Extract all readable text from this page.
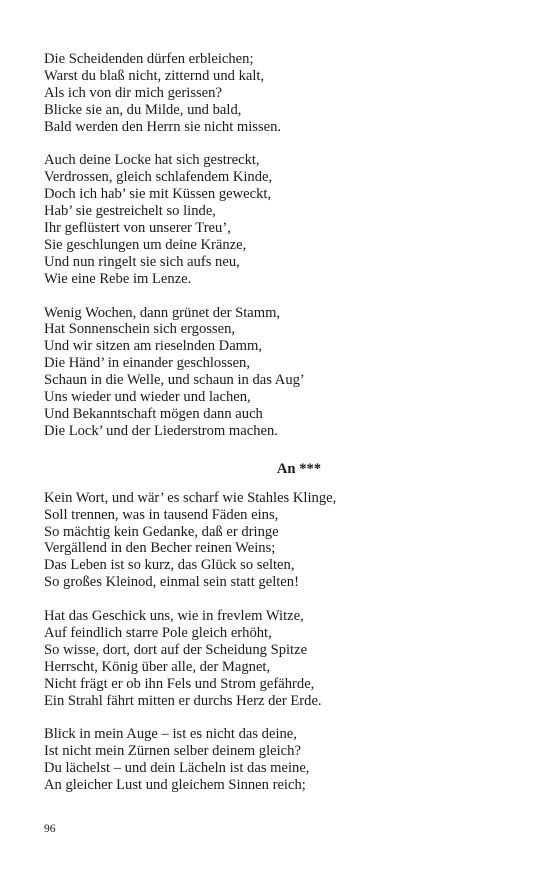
Die Scheidenden dürfen erbleichen;
Warst du blaß nicht, zitternd und kalt,
Als ich von dir mich gerissen?
Blicke sie an, du Milde, und bald,
Bald werden den Herrn sie nicht missen.
Auch deine Locke hat sich gestreckt,
Verdrossen, gleich schlafendem Kinde,
Doch ich hab’ sie mit Küssen geweckt,
Hab’ sie gestreichelt so linde,
Ihr geflüstert von unserer Treu’,
Sie geschlungen um deine Kränze,
Und nun ringelt sie sich aufs neu,
Wie eine Rebe im Lenze.
Wenig Wochen, dann grünet der Stamm,
Hat Sonnenschein sich ergossen,
Und wir sitzen am rieselnden Damm,
Die Händ’ in einander geschlossen,
Schaun in die Welle, und schaun in das Aug’
Uns wieder und wieder und lachen,
Und Bekanntschaft mögen dann auch
Die Lock’ und der Liederstrom machen.
An ***
Kein Wort, und wär’ es scharf wie Stahles Klinge,
Soll trennen, was in tausend Fäden eins,
So mächtig kein Gedanke, daß er dringe
Vergällend in den Becher reinen Weins;
Das Leben ist so kurz, das Glück so selten,
So großes Kleinod, einmal sein statt gelten!
Hat das Geschick uns, wie in frevlem Witze,
Auf feindlich starre Pole gleich erhöht,
So wisse, dort, dort auf der Scheidung Spitze
Herrscht, König über alle, der Magnet,
Nicht frägt er ob ihn Fels und Strom gefährde,
Ein Strahl fährt mitten er durchs Herz der Erde.
Blick in mein Auge – ist es nicht das deine,
Ist nicht mein Zürnen selber deinem gleich?
Du lächelst – und dein Lächeln ist das meine,
An gleicher Lust und gleichem Sinnen reich;
96
